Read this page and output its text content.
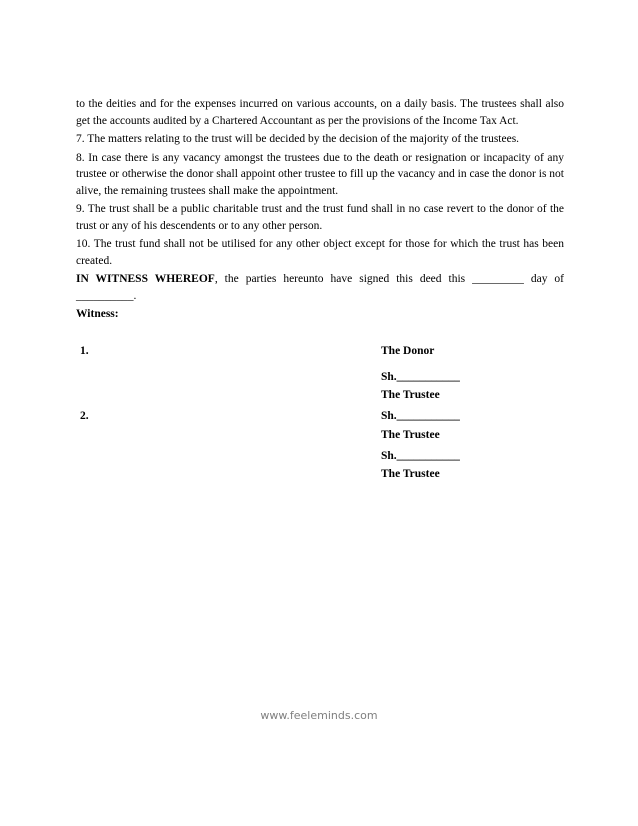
to the deities and for the expenses incurred on various accounts, on a daily basis. The trustees shall also get the accounts audited by a Chartered Accountant as per the provisions of the Income Tax Act.

7. The matters relating to the trust will be decided by the decision of the majority of the trustees.

8. In case there is any vacancy amongst the trustees due to the death or resignation or incapacity of any trustee or otherwise the donor shall appoint other trustee to fill up the vacancy and in case the donor is not alive, the remaining trustees shall make the appointment.

9. The trust shall be a public charitable trust and the trust fund shall in no case revert to the donor of the trust or any of his descendents or to any other person.

10. The trust fund shall not be utilised for any other object except for those for which the trust has been created.

IN WITNESS WHEREOF, the parties hereunto have signed this deed this _________ day of __________.

Witness:

1.
2.
The Donor
Sh.___________
The Trustee
Sh.___________
The Trustee
Sh.___________
The Trustee
www.feeleminds.com
